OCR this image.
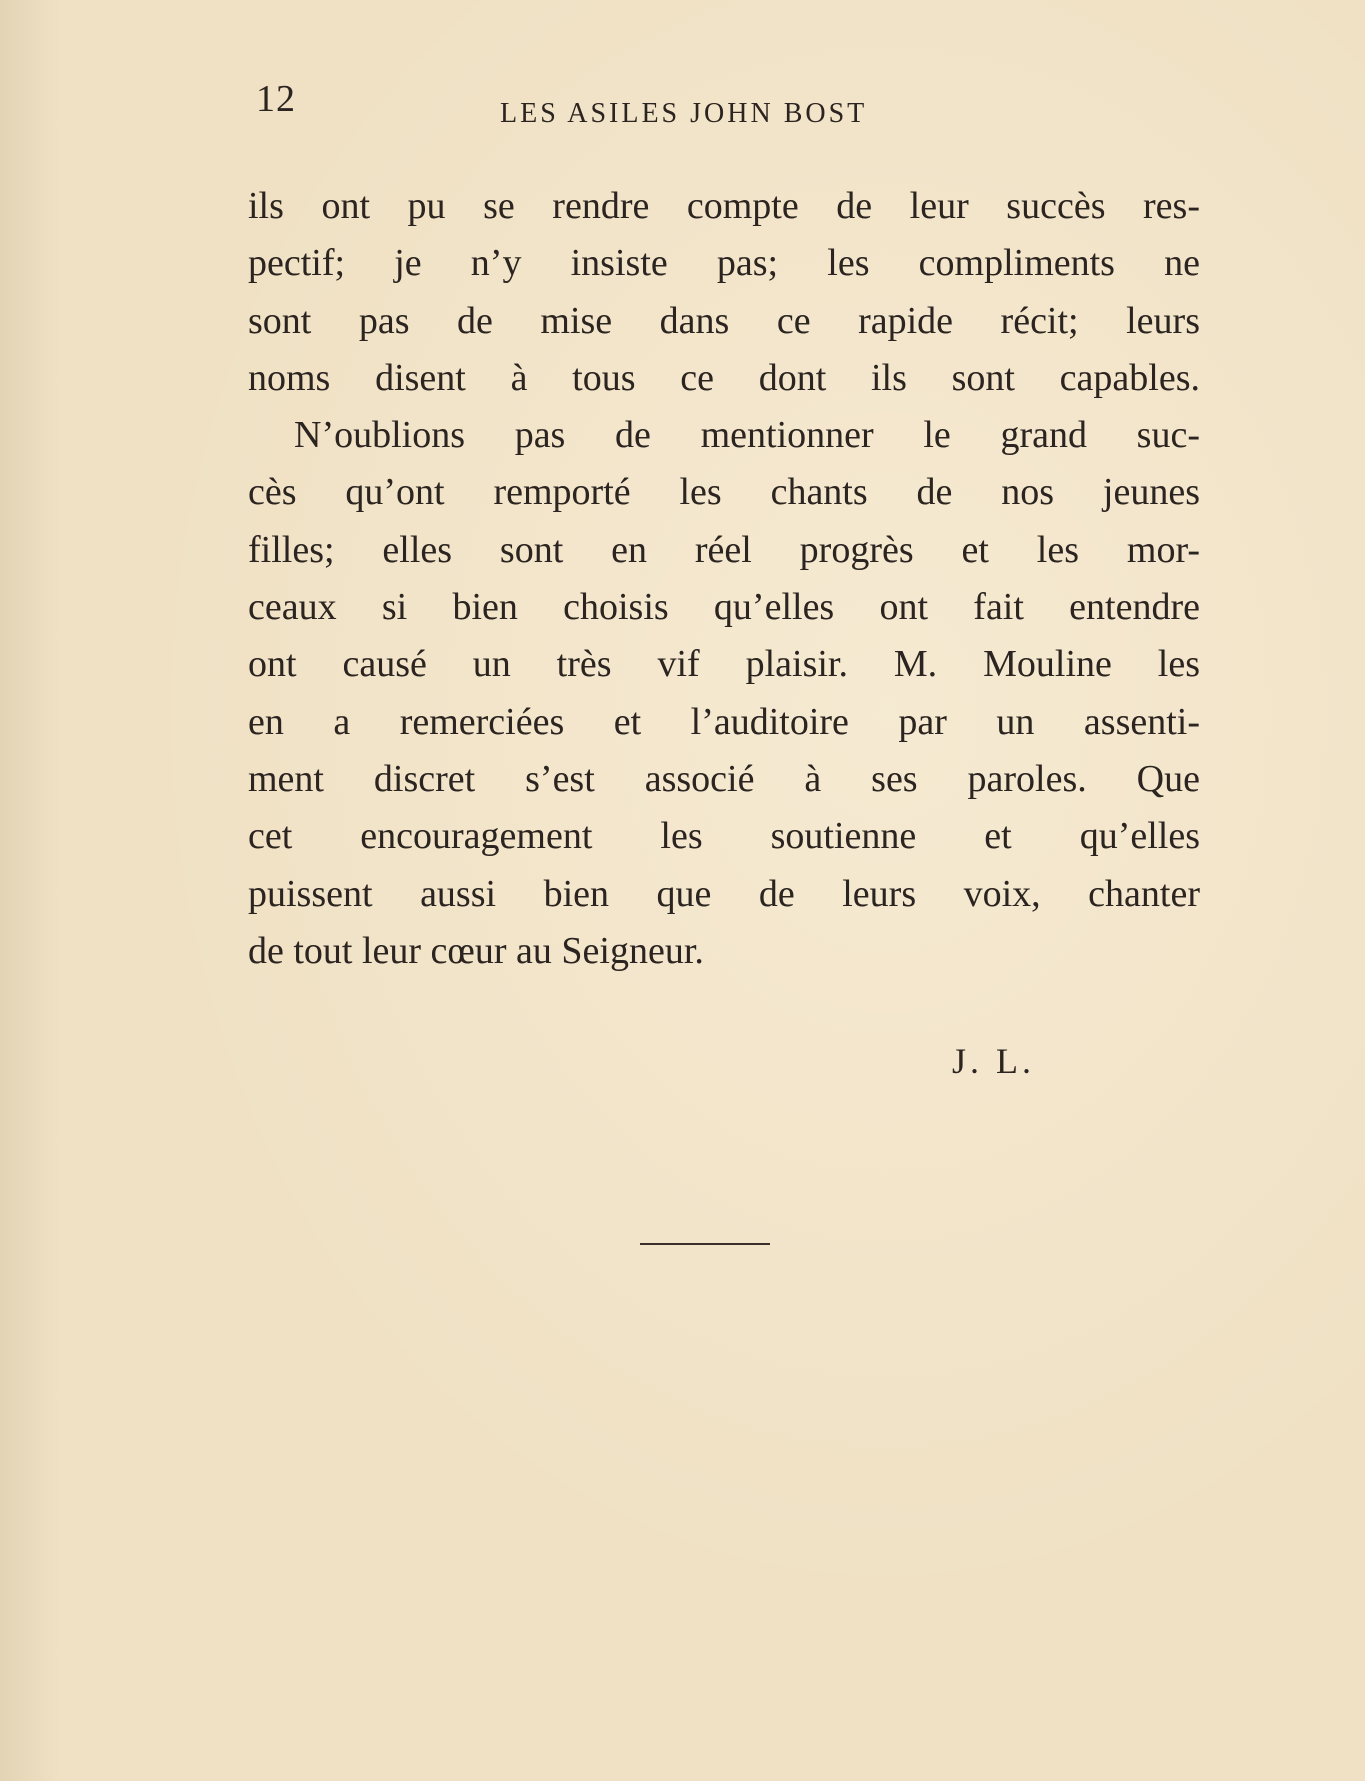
12	LES ASILES JOHN BOST
ils ont pu se rendre compte de leur succès res-
pectif; je n’y insiste pas; les compliments ne
sont pas de mise dans ce rapide récit; leurs
noms disent à tous ce dont ils sont capables.
N’oublions pas de mentionner le grand suc-
cès qu’ont remporté les chants de nos jeunes
filles; elles sont en réel progrès et les mor-
ceaux si bien choisis qu’elles ont fait entendre
ont causé un très vif plaisir. M. Mouline les
en a remerciées et l’auditoire par un assenti-
ment discret s’est associé à ses paroles. Que
cet encouragement les soutienne et qu’elles
puissent aussi bien que de leurs voix, chanter
de tout leur cœur au Seigneur.
J. L.
